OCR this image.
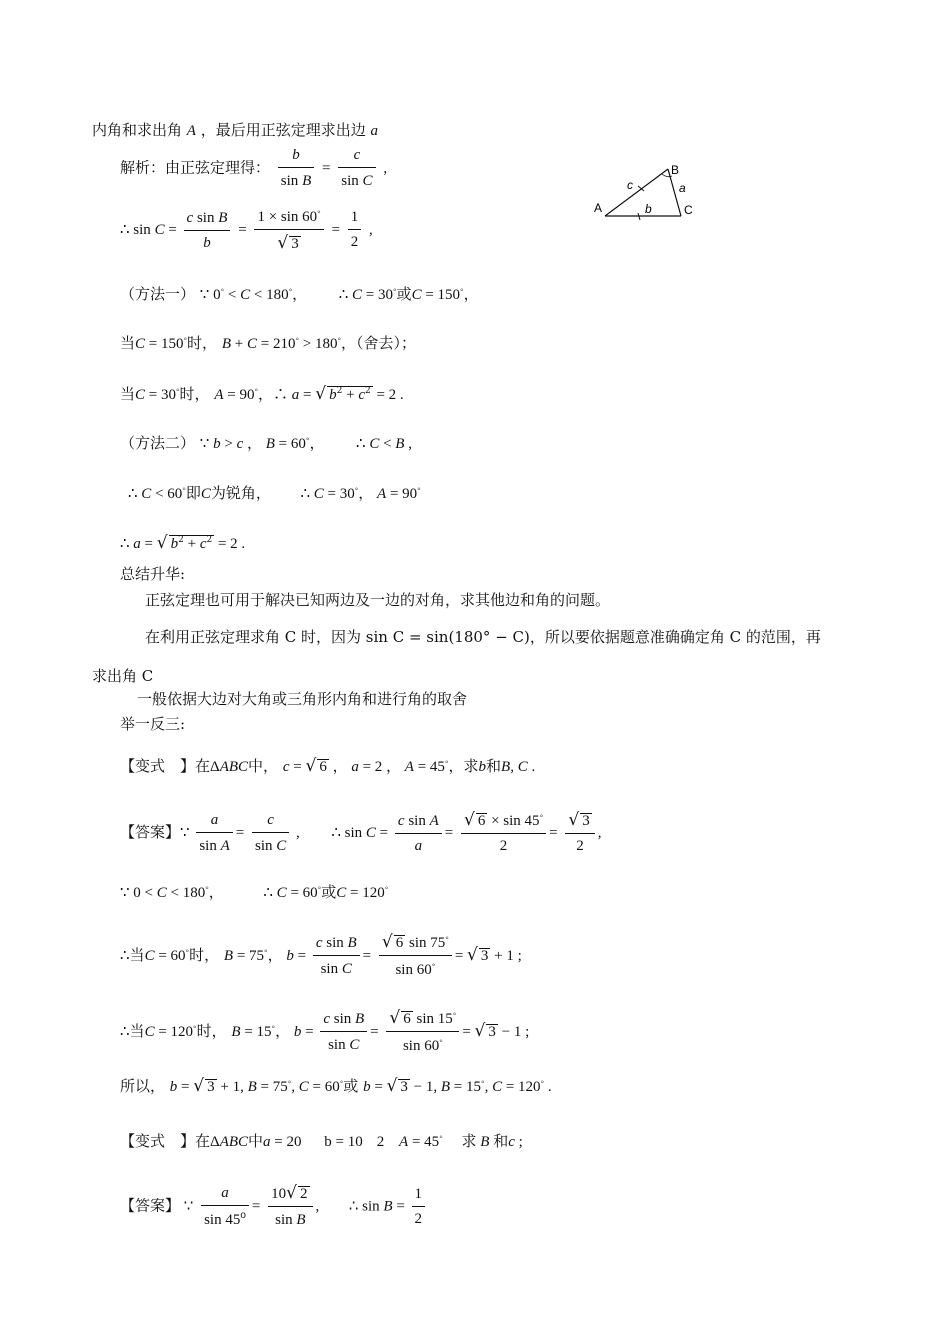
内角和求出角 A ，最后用正弦定理求出边 a
解析：由正弦定理得： $\frac{b}{\text{sin B}} = \frac{c}{\text{sin C}}$ ,
∴ $\sin C = \frac{\text{c sin B}}{b} = \frac{1 \times \sin 60^◦}{√ 3} = \frac{1}{2}$ ,
A
B
C
a
b
c
（方法一） ∵ 0◦ < C < 180◦， ∴ C = 30◦或C = 150◦，
当C = 150◦时， B + C = 210◦ > 180◦，（舍去）；
当C = 30◦时， A = 90◦，∴ a = √ $b^2 + c^2 = 2$ .
（方法二） ∵ b > c ， B = 60◦， ∴ C < B ,
∴ C < 60◦即C为锐角， ∴ C = 30◦， A = 90◦
∴ a = √ $b^2 + c^2 = 2$ .
总结升华:
正弦定理也可用于解决已知两边及一边的对角，求其他边和角的问题。
在利用正弦定理求角 C 时，因为 sin C = sin(180° − C)，所以要依据题意准确确定角 C 的范围，再
求出角 C
一般依据大边对大角或三角形内角和进行角的取舍
举一反三:
【变式　】在ΔABC中， c = √ 6 ， a = 2 ， A = 45◦，求b和B, C .
【答案】∵ $\frac{a}{\text{sin A}} = \frac{c}{\text{sin C}}$ , ∴ $\sin C = \frac{\text{c sin A}}{a} = \frac{√ 6 \times \sin 45^◦}{2} = \frac{√ 3}{2}$ ,
∵ 0 < C < 180◦，	∴ C = 60◦或C = 120◦
∴当C = 60◦时， B = 75◦， $b = \frac{\text{c sin B}}{\text{sin C}} = \frac{√ 6 \sin 75^◦}{\sin 60^◦}$ = √ 3 + 1 ;
∴当C = 120◦时， B = 15◦， $b = \frac{\text{c sin B}}{\text{sin C}} = \frac{√ 6 \sin 15^◦}{\sin 60^◦}$ = √ 3 − 1 ;
所以， b = √ 3 + 1, B = 75◦, C = 60◦或 b = √ 3 − 1, B = 15◦, C = 120◦ .
【变式　】在ΔABC中a = 20 b = 10 2 A = 45◦ 求 B 和c ;
【答案】 ∵ $\frac{a}{\sin 45^o} = \frac{10√ 2}{\text{sin B}}$ , ∴ $\sin B = \frac{1}{2}$
